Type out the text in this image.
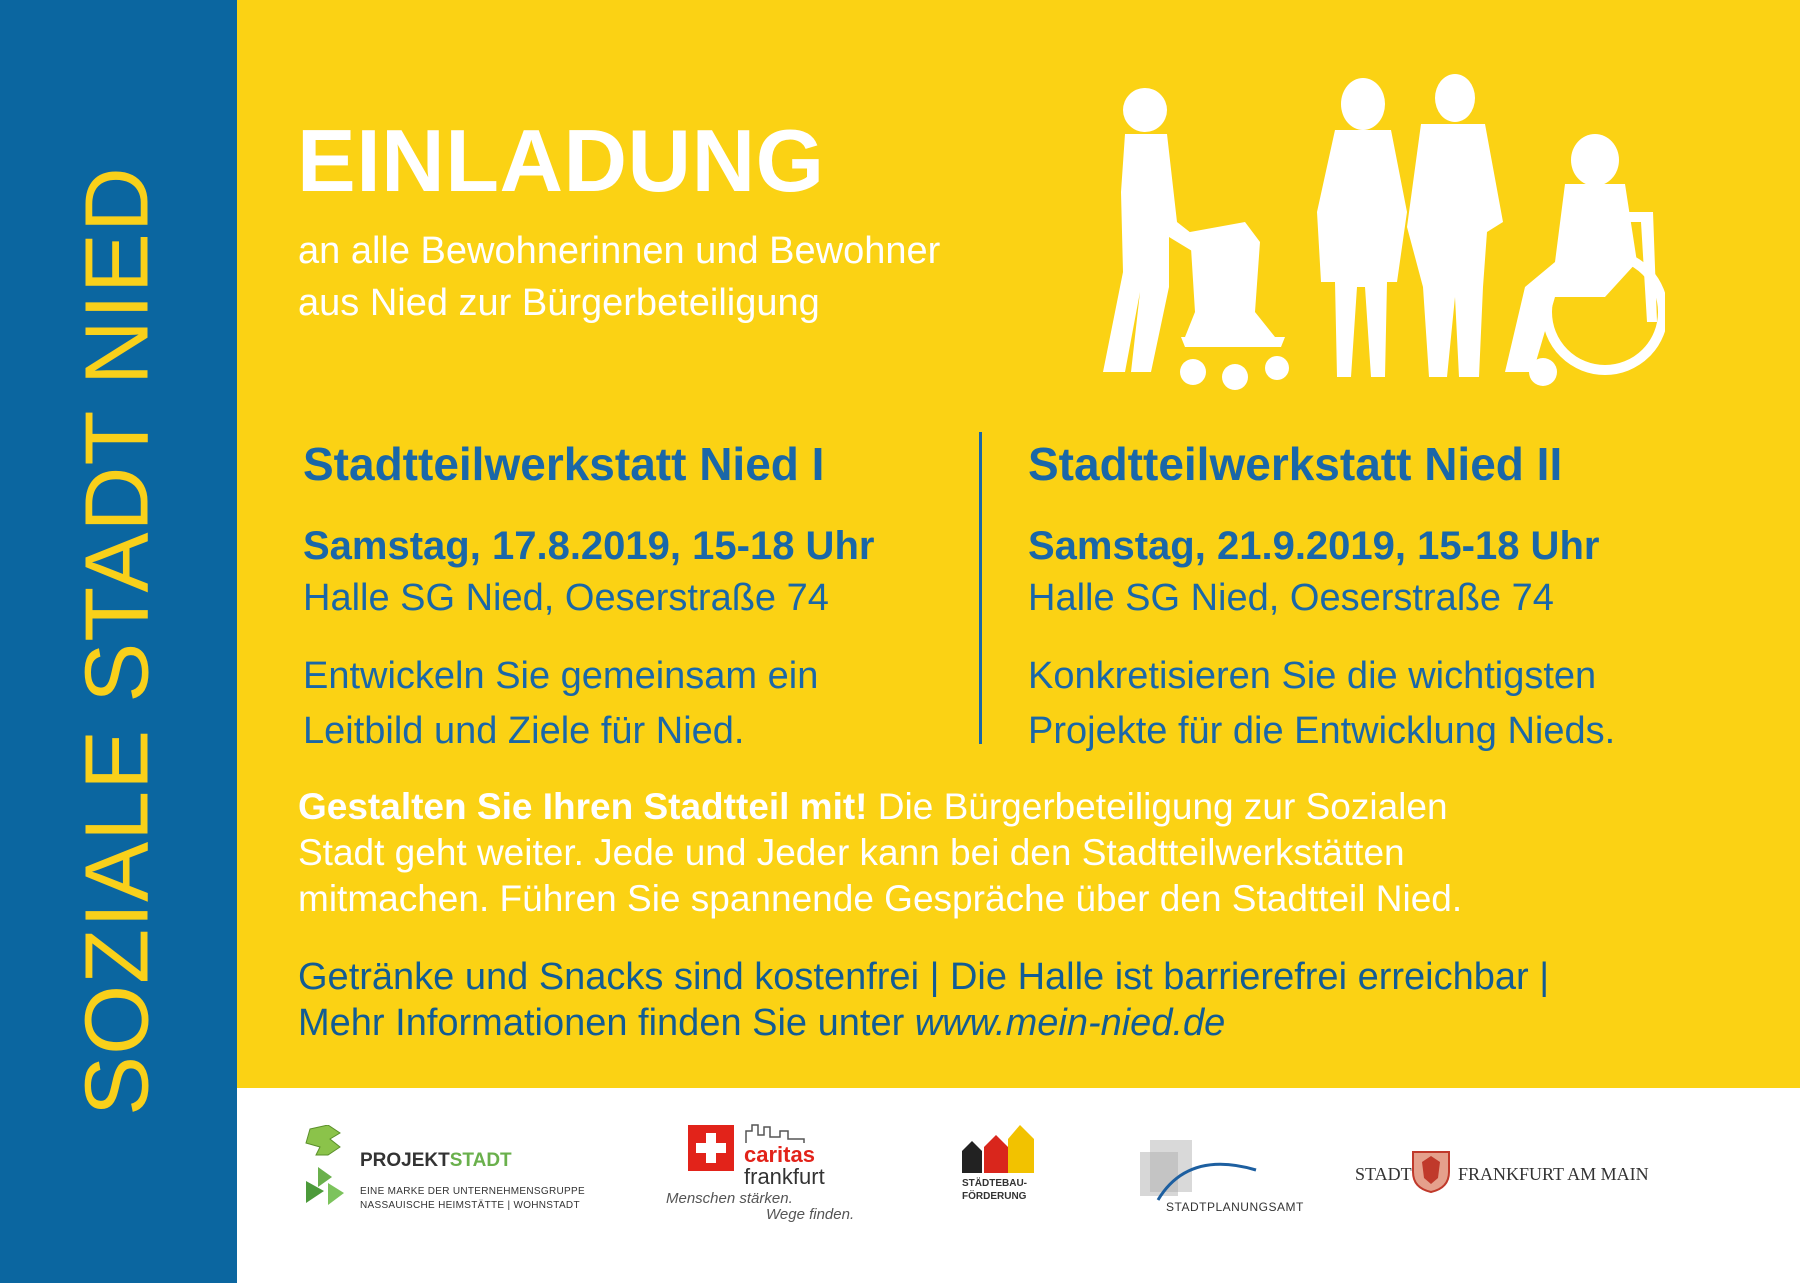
SOZIALE STADT NIED
EINLADUNG
an alle Bewohnerinnen und Bewohner
aus Nied zur Bürgerbeteiligung
Stadtteilwerkstatt Nied I
Samstag, 17.8.2019, 15-18 Uhr
Halle SG Nied, Oeserstraße 74
Entwickeln Sie gemeinsam ein
Leitbild und Ziele für Nied.
Stadtteilwerkstatt Nied II
Samstag, 21.9.2019, 15-18 Uhr
Halle SG Nied, Oeserstraße 74
Konkretisieren Sie die wichtigsten
Projekte für die Entwicklung Nieds.
Gestalten Sie Ihren Stadtteil mit! Die Bürgerbeteiligung zur Sozialen
Stadt geht weiter. Jede und Jeder kann bei den Stadtteilwerkstätten
mitmachen. Führen Sie spannende Gespräche über den Stadtteil Nied.
Getränke und Snacks sind kostenfrei | Die Halle ist barrierefrei erreichbar |
Mehr Informationen finden Sie unter www.mein-nied.de
PROJEKTSTADT
EINE MARKE DER UNTERNEHMENSGRUPPE
NASSAUISCHE HEIMSTÄTTE | WOHNSTADT
caritas
frankfurt
Menschen stärken.
Wege finden.
STÄDTEBAU-
FÖRDERUNG
STADTPLANUNGSAMT
STADT	FRANKFURT AM MAIN
